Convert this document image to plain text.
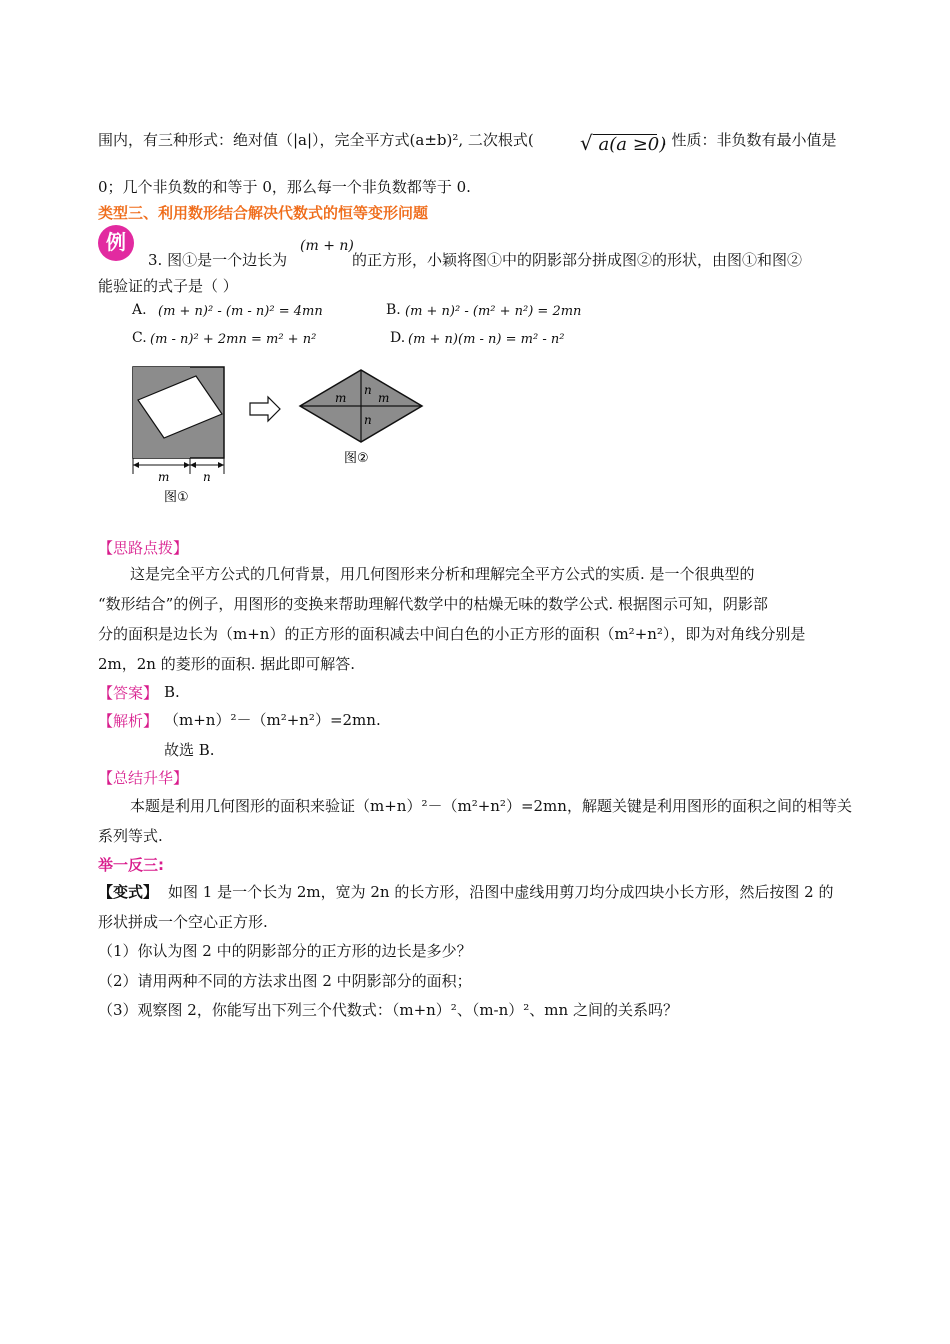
围内，有三种形式：绝对值（|a|），完全平方式(a±b)², 二次根式( √ a(a ≥0)
. 性质：非负数有最小值是
0；几个非负数的和等于 0，那么每一个非负数都等于 0.
类型三、利用数形结合解决代数式的恒等变形问题
例
3. 图①是一个边长为
(m + n)
的正方形，小颖将图①中的阴影部分拼成图②的形状，由图①和图②
能验证的式子是（ ）
A. (m + n)² - (m - n)² = 4mn	B. (m + n)² - (m² + n²) = 2mn
C. (m - n)² + 2mn = m² + n²	D. (m + n)(m - n) = m² - n²
m	n
图①
m	m
n
n
图②
【思路点拨】
这是完全平方公式的几何背景，用几何图形来分析和理解完全平方公式的实质. 是一个很典型的
“数形结合”的例子，用图形的变换来帮助理解代数学中的枯燥无味的数学公式. 根据图示可知，阴影部
分的面积是边长为（m+n）的正方形的面积减去中间白色的小正方形的面积（m²+n²），即为对角线分别是
2m，2n 的菱形的面积. 据此即可解答.
【答案】 B.
【解析】 （m+n）²－（m²+n²）=2mn.
故选 B.
【总结升华】
本题是利用几何图形的面积来验证（m+n）²－（m²+n²）=2mn，解题关键是利用图形的面积之间的相等关
系列等式.
举一反三:
【变式】 如图 1 是一个长为 2m，宽为 2n 的长方形，沿图中虚线用剪刀均分成四块小长方形，然后按图 2 的
形状拼成一个空心正方形.
（1）你认为图 2 中的阴影部分的正方形的边长是多少？
（2）请用两种不同的方法求出图 2 中阴影部分的面积；
（3）观察图 2，你能写出下列三个代数式：（m+n）²、（m-n）²、mn 之间的关系吗？
